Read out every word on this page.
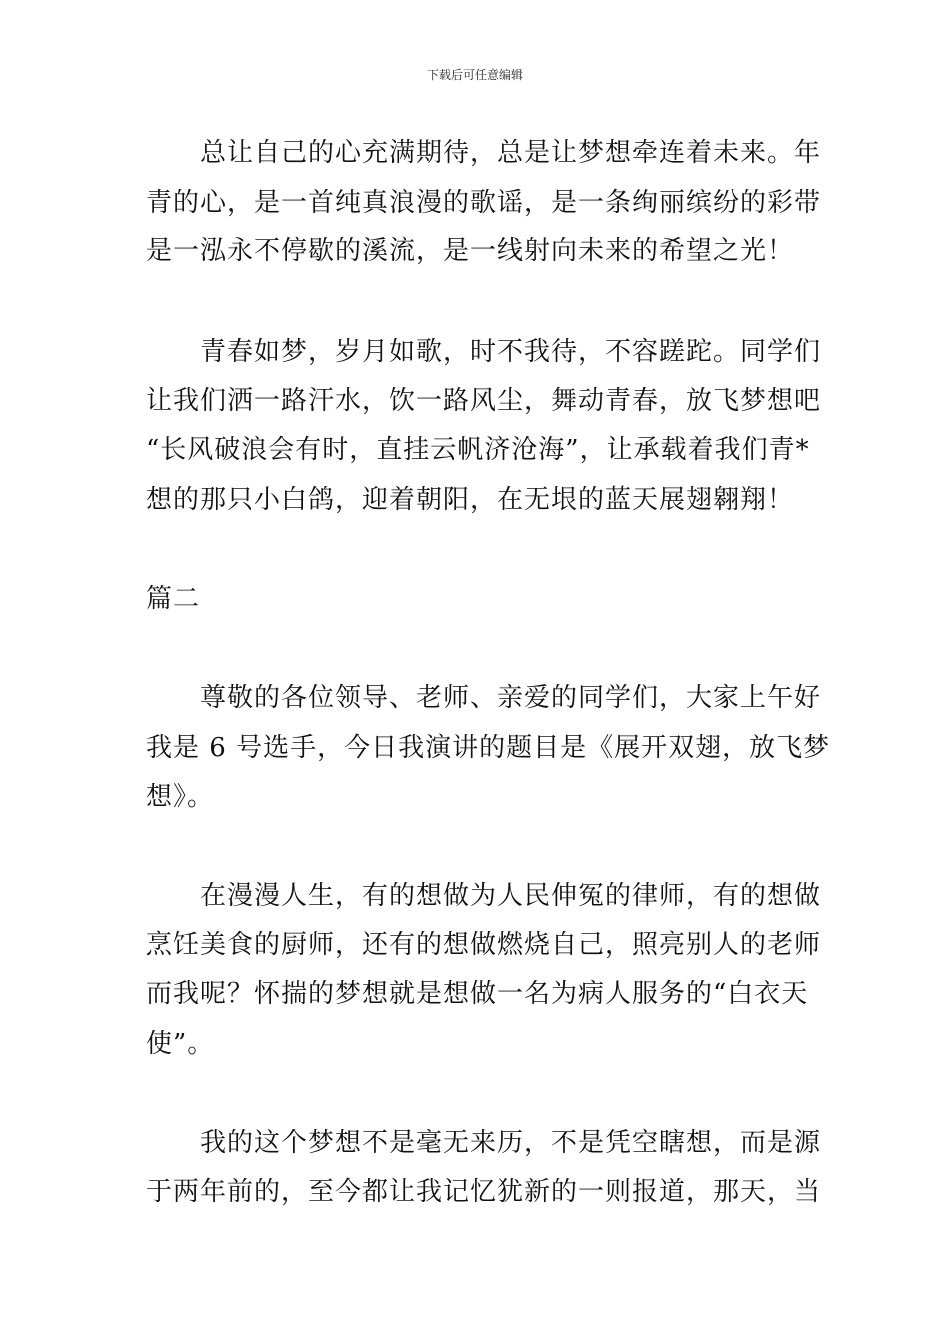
下载后可任意编辑
　　总让自己的心充满期待，总是让梦想牵连着未来。年
青的心，是一首纯真浪漫的歌谣，是一条绚丽缤纷的彩带
是一泓永不停歇的溪流，是一线射向未来的希望之光！
　　青春如梦，岁月如歌，时不我待，不容蹉跎。同学们
让我们洒一路汗水，饮一路风尘，舞动青春，放飞梦想吧
“长风破浪会有时，直挂云帆济沧海”，让承载着我们青*
想的那只小白鸽，迎着朝阳，在无垠的蓝天展翅翱翔！
篇二
　　尊敬的各位领导、老师、亲爱的同学们，大家上午好
我是 6 号选手，今日我演讲的题目是《展开双翅，放飞梦
想》。
　　在漫漫人生，有的想做为人民伸冤的律师，有的想做
烹饪美食的厨师，还有的想做燃烧自己，照亮别人的老师
而我呢？怀揣的梦想就是想做一名为病人服务的“白衣天
使”。
　　我的这个梦想不是毫无来历，不是凭空瞎想，而是源
于两年前的，至今都让我记忆犹新的一则报道，那天，当
